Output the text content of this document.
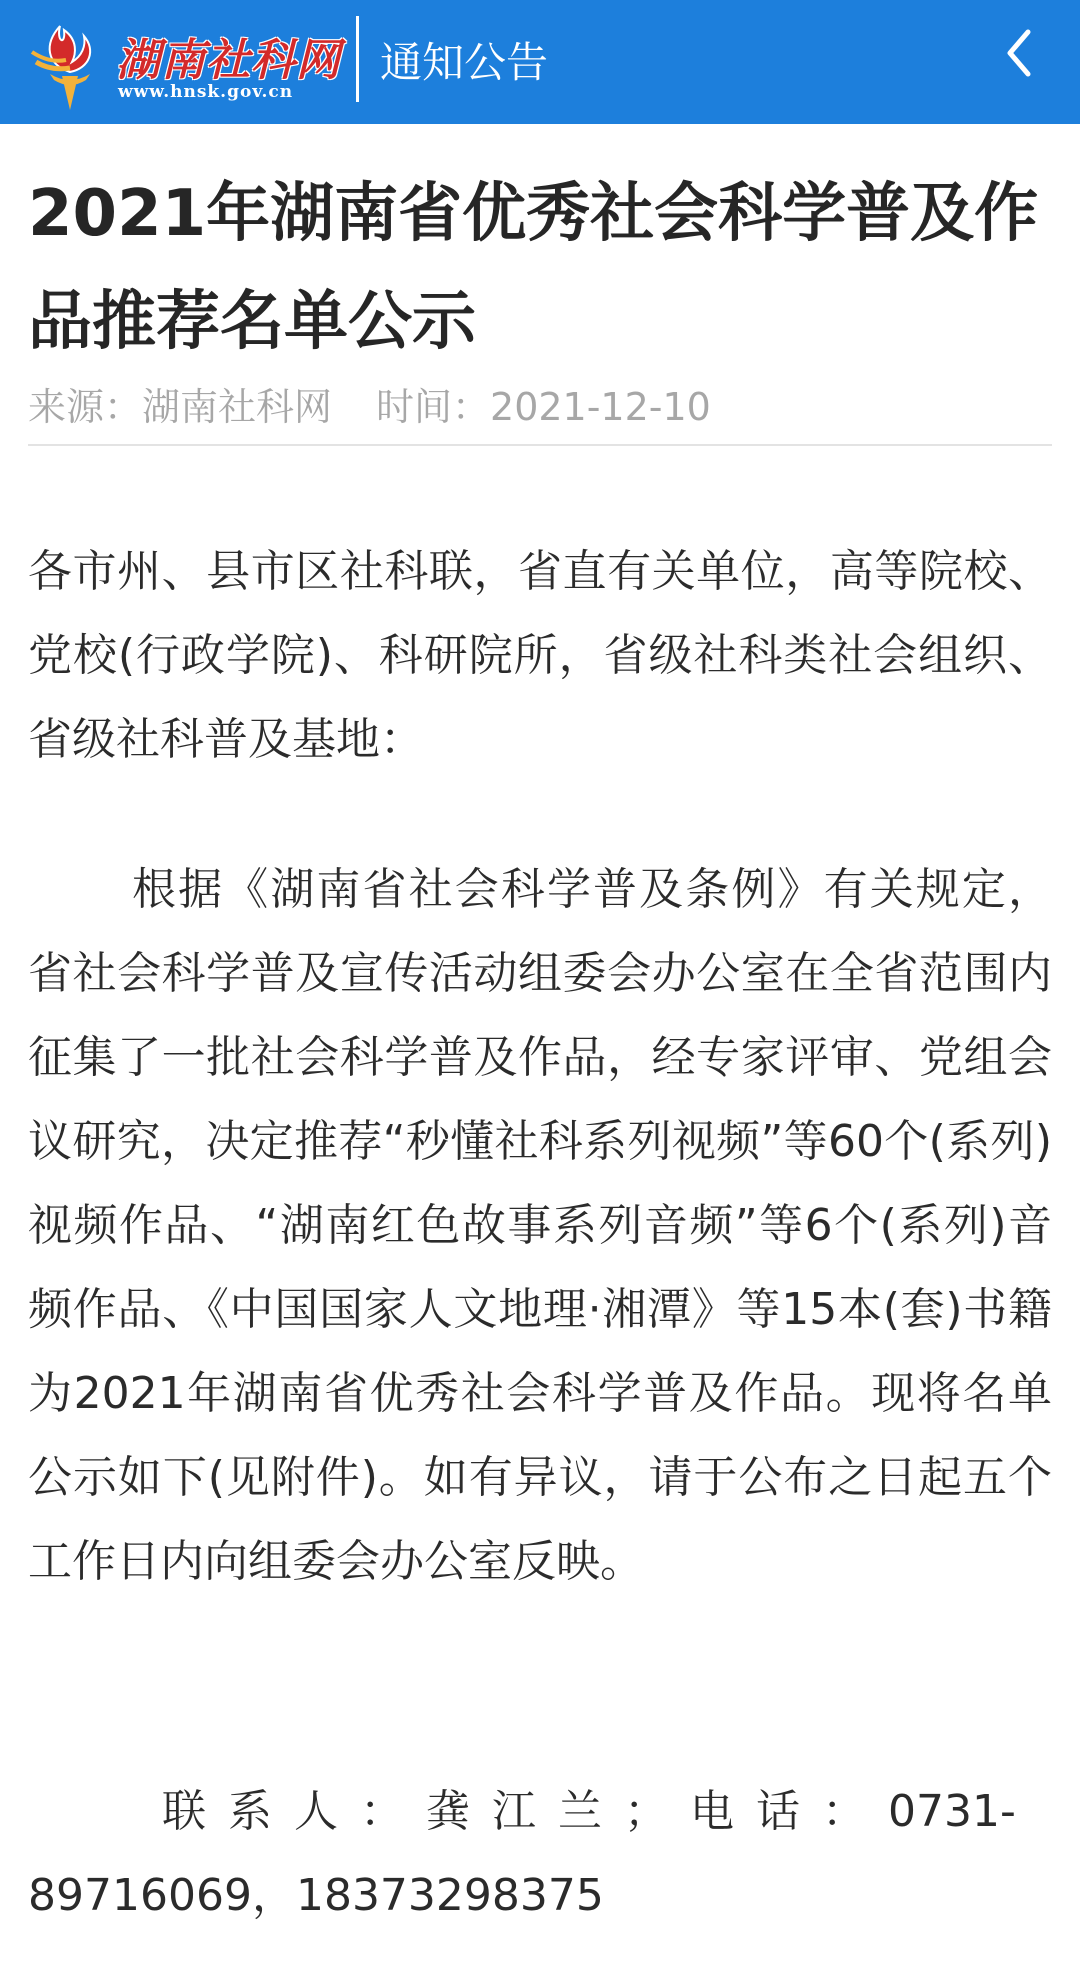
湖南社科网
www.hnsk.gov.cn
通知公告
2021年湖南省优秀社会科学普及作品推荐名单公示
来源：湖南社科网 时间：2021-12-10

各市州、县市区社科联，省直有关单位，高等院校、党校(行政学院)、科研院所，省级社科类社会组织、省级社科普及基地：

根据《湖南省社会科学普及条例》有关规定，省社会科学普及宣传活动组委会办公室在全省范围内征集了一批社会科学普及作品，经专家评审、党组会议研究，决定推荐“秒懂社科系列视频”等60个(系列)视频作品、“湖南红色故事系列音频”等6个(系列)音频作品、《中国国家人文地理·湘潭》等15本(套)书籍为2021年湖南省优秀社会科学普及作品。现将名单公示如下(见附件)。如有异议，请于公布之日起五个工作日内向组委会办公室反映。

联系人：龚江兰；电话：0731-89716069，18373298375
